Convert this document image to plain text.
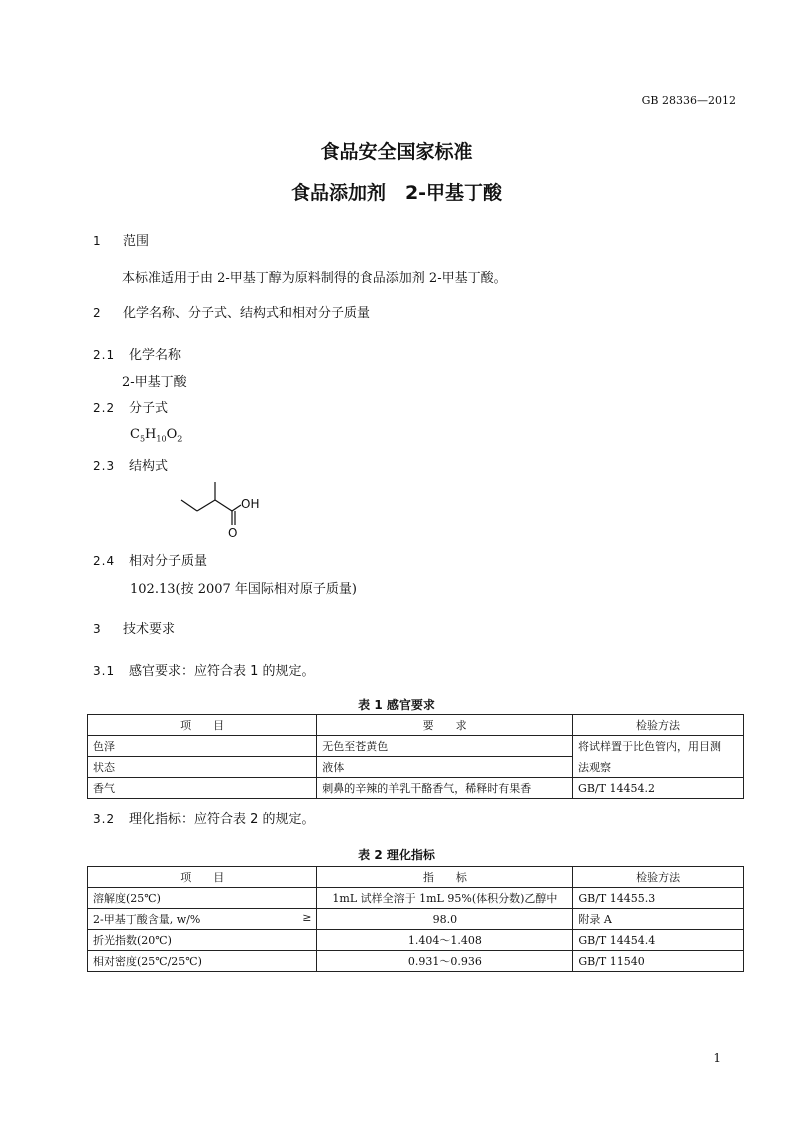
GB 28336—2012
食品安全国家标准
食品添加剂　2-甲基丁酸
1 范围
本标准适用于由 2-甲基丁醇为原料制得的食品添加剂 2-甲基丁酸。
2 化学名称、分子式、结构式和相对分子质量
2.1 化学名称
2-甲基丁酸
2.2 分子式
$C_5H_{10}O_2$
2.3 结构式
OH
O
2.4 相对分子质量
102.13(按 2007 年国际相对原子质量)
3 技术要求
3.1 感官要求：应符合表 1 的规定。
表 1 感官要求
项　　目	要　　求	检验方法
色泽	无色至苍黄色	将试样置于比色管内，用目测
状态	液体	法观察
香气	刺鼻的辛辣的羊乳干酪香气，稀释时有果香	GB/T 14454.2
3.2 理化指标：应符合表 2 的规定。
表 2 理化指标
项　　目	指　　标	检验方法
溶解度(25℃)	1mL 试样全溶于 1mL 95%(体积分数)乙醇中	GB/T 14455.3
2-甲基丁酸含量, w/% ≥	98.0	附录 A
折光指数(20℃)	1.404～1.408	GB/T 14454.4
相对密度(25℃/25℃)	0.931～0.936	GB/T 11540
1
